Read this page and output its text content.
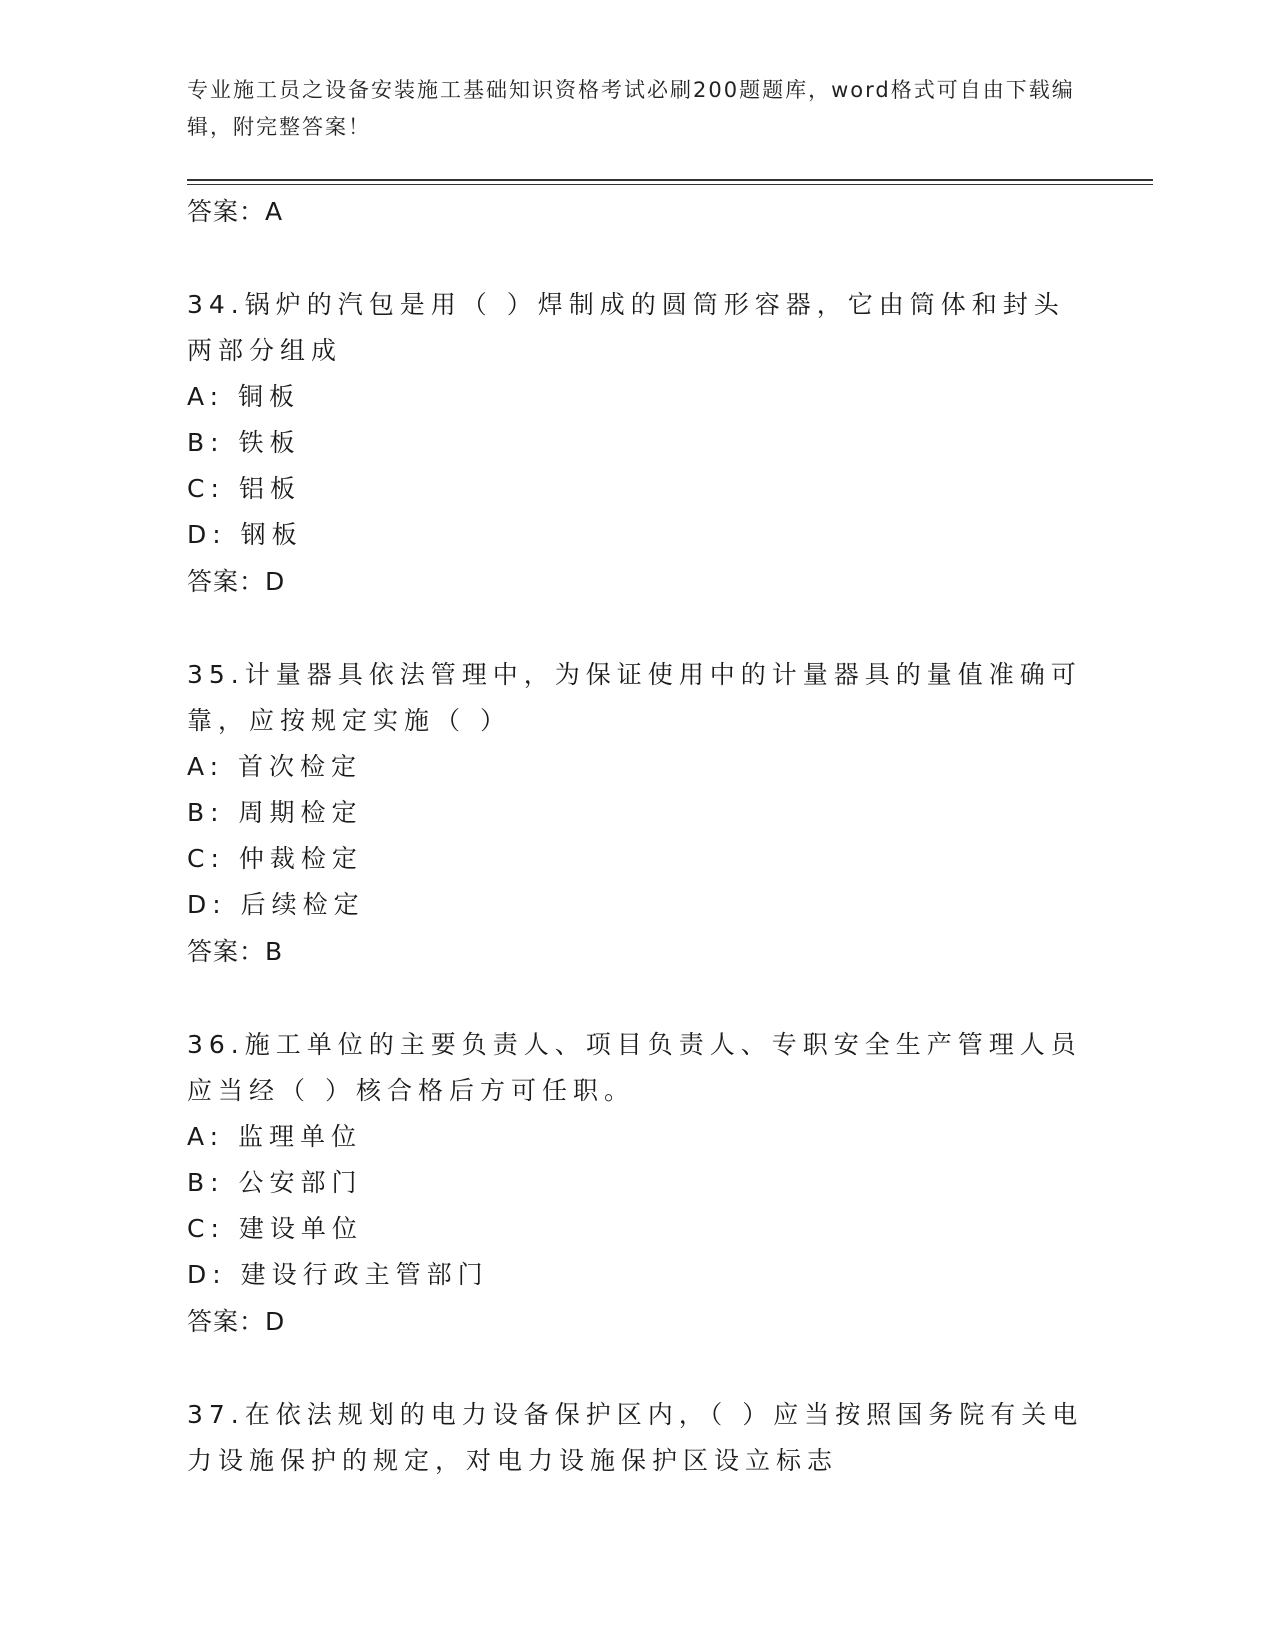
专业施工员之设备安装施工基础知识资格考试必刷200题题库，word格式可自由下载编辑，附完整答案！

答案：A

34.锅炉的汽包是用（ ）焊制成的圆筒形容器，它由筒体和封头两部分组成

A: 铜板

B: 铁板

C: 铝板

D: 钢板

答案：D

35.计量器具依法管理中，为保证使用中的计量器具的量值准确可靠，应按规定实施（ ）

A: 首次检定

B: 周期检定

C: 仲裁检定

D: 后续检定

答案：B

36.施工单位的主要负责人、项目负责人、专职安全生产管理人员应当经（ ）核合格后方可任职。

A: 监理单位

B: 公安部门

C: 建设单位

D: 建设行政主管部门

答案：D

37.在依法规划的电力设备保护区内，（ ）应当按照国务院有关电力设施保护的规定，对电力设施保护区设立标志
